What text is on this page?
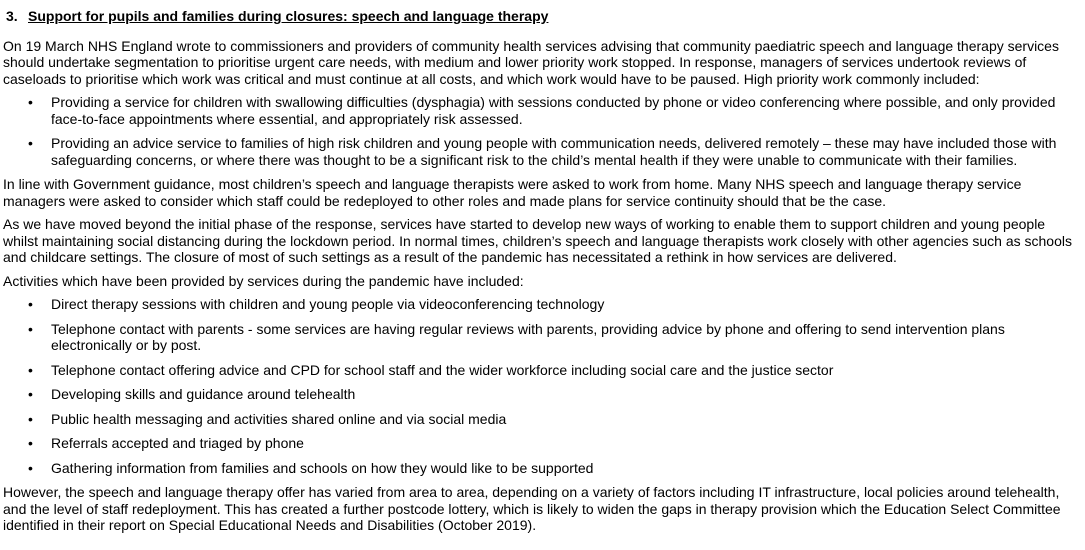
3. Support for pupils and families during closures: speech and language therapy

On 19 March NHS England wrote to commissioners and providers of community health services advising that community paediatric speech and language therapy services should undertake segmentation to prioritise urgent care needs, with medium and lower priority work stopped. In response, managers of services undertook reviews of caseloads to prioritise which work was critical and must continue at all costs, and which work would have to be paused. High priority work commonly included:

• Providing a service for children with swallowing difficulties (dysphagia) with sessions conducted by phone or video conferencing where possible, and only provided face-to-face appointments where essential, and appropriately risk assessed.
• Providing an advice service to families of high risk children and young people with communication needs, delivered remotely – these may have included those with safeguarding concerns, or where there was thought to be a significant risk to the child’s mental health if they were unable to communicate with their families.

In line with Government guidance, most children’s speech and language therapists were asked to work from home. Many NHS speech and language therapy service managers were asked to consider which staff could be redeployed to other roles and made plans for service continuity should that be the case.

As we have moved beyond the initial phase of the response, services have started to develop new ways of working to enable them to support children and young people whilst maintaining social distancing during the lockdown period. In normal times, children’s speech and language therapists work closely with other agencies such as schools and childcare settings. The closure of most of such settings as a result of the pandemic has necessitated a rethink in how services are delivered.

Activities which have been provided by services during the pandemic have included:

• Direct therapy sessions with children and young people via videoconferencing technology
• Telephone contact with parents - some services are having regular reviews with parents, providing advice by phone and offering to send intervention plans electronically or by post.
• Telephone contact offering advice and CPD for school staff and the wider workforce including social care and the justice sector
• Developing skills and guidance around telehealth
• Public health messaging and activities shared online and via social media
• Referrals accepted and triaged by phone
• Gathering information from families and schools on how they would like to be supported

However, the speech and language therapy offer has varied from area to area, depending on a variety of factors including IT infrastructure, local policies around telehealth, and the level of staff redeployment. This has created a further postcode lottery, which is likely to widen the gaps in therapy provision which the Education Select Committee identified in their report on Special Educational Needs and Disabilities (October 2019).
